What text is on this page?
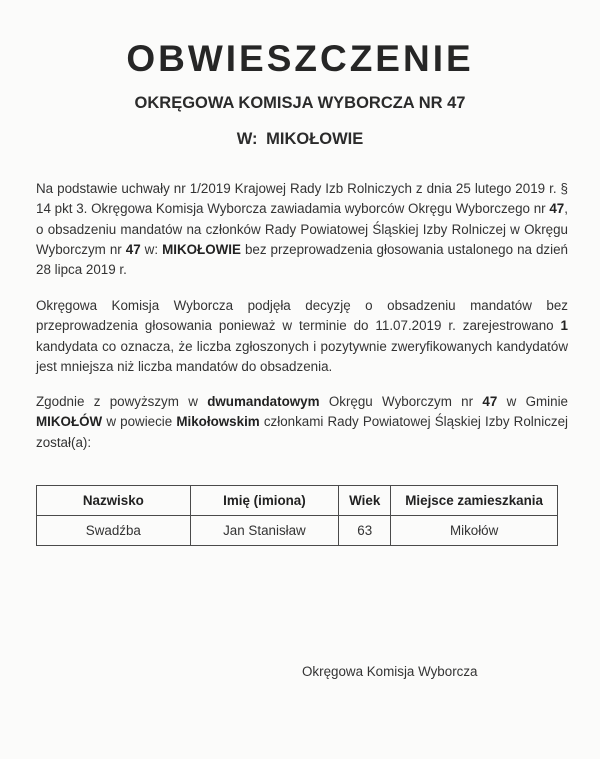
OBWIESZCZENIE
OKRĘGOWA KOMISJA WYBORCZA NR 47
W: MIKOŁOWIE
Na podstawie uchwały nr 1/2019 Krajowej Rady Izb Rolniczych z dnia 25 lutego 2019 r. § 14 pkt 3. Okręgowa Komisja Wyborcza zawiadamia wyborców Okręgu Wyborczego nr 47, o obsadzeniu mandatów na członków Rady Powiatowej Śląskiej Izby Rolniczej w Okręgu Wyborczym nr 47 w: MIKOŁOWIE bez przeprowadzenia głosowania ustalonego na dzień 28 lipca 2019 r.
Okręgowa Komisja Wyborcza podjęła decyzję o obsadzeniu mandatów bez przeprowadzenia głosowania ponieważ w terminie do 11.07.2019 r. zarejestrowano 1 kandydata co oznacza, że liczba zgłoszonych i pozytywnie zweryfikowanych kandydatów jest mniejsza niż liczba mandatów do obsadzenia.
Zgodnie z powyższym w dwumandatowym Okręgu Wyborczym nr 47 w Gminie MIKOŁÓW w powiecie Mikołowskim członkami Rady Powiatowej Śląskiej Izby Rolniczej został(a):
Nazwisko	Imię (imiona)	Wiek	Miejsce zamieszkania
Swadźba	Jan Stanisław	63	Mikołów
Okręgowa Komisja Wyborcza
